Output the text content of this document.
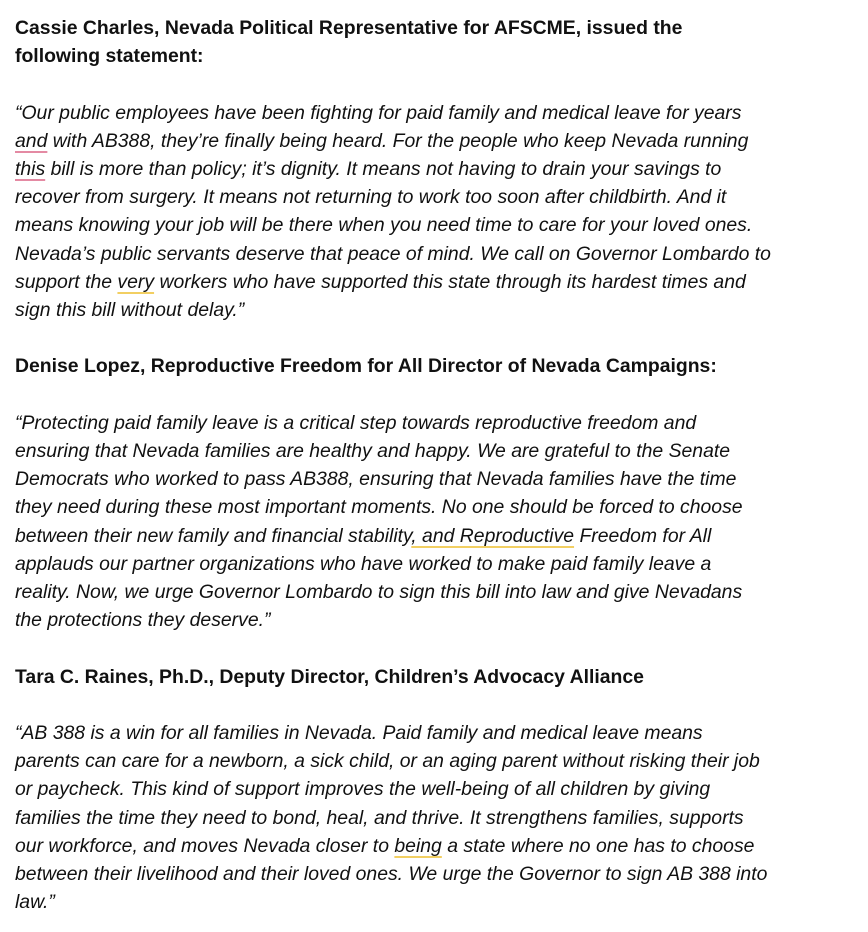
Cassie Charles, Nevada Political Representative for AFSCME, issued the
following statement:

“Our public employees have been fighting for paid family and medical leave for years
and with AB388, they’re finally being heard. For the people who keep Nevada running
this bill is more than policy; it’s dignity. It means not having to drain your savings to
recover from surgery. It means not returning to work too soon after childbirth. And it
means knowing your job will be there when you need time to care for your loved ones.
Nevada’s public servants deserve that peace of mind. We call on Governor Lombardo to
support the very workers who have supported this state through its hardest times and
sign this bill without delay.”

Denise Lopez, Reproductive Freedom for All Director of Nevada Campaigns:

“Protecting paid family leave is a critical step towards reproductive freedom and
ensuring that Nevada families are healthy and happy. We are grateful to the Senate
Democrats who worked to pass AB388, ensuring that Nevada families have the time
they need during these most important moments. No one should be forced to choose
between their new family and financial stability, and Reproductive Freedom for All
applauds our partner organizations who have worked to make paid family leave a
reality. Now, we urge Governor Lombardo to sign this bill into law and give Nevadans
the protections they deserve.”

Tara C. Raines, Ph.D., Deputy Director, Children’s Advocacy Alliance

“AB 388 is a win for all families in Nevada. Paid family and medical leave means
parents can care for a newborn, a sick child, or an aging parent without risking their job
or paycheck. This kind of support improves the well-being of all children by giving
families the time they need to bond, heal, and thrive. It strengthens families, supports
our workforce, and moves Nevada closer to being a state where no one has to choose
between their livelihood and their loved ones. We urge the Governor to sign AB 388 into
law.”
